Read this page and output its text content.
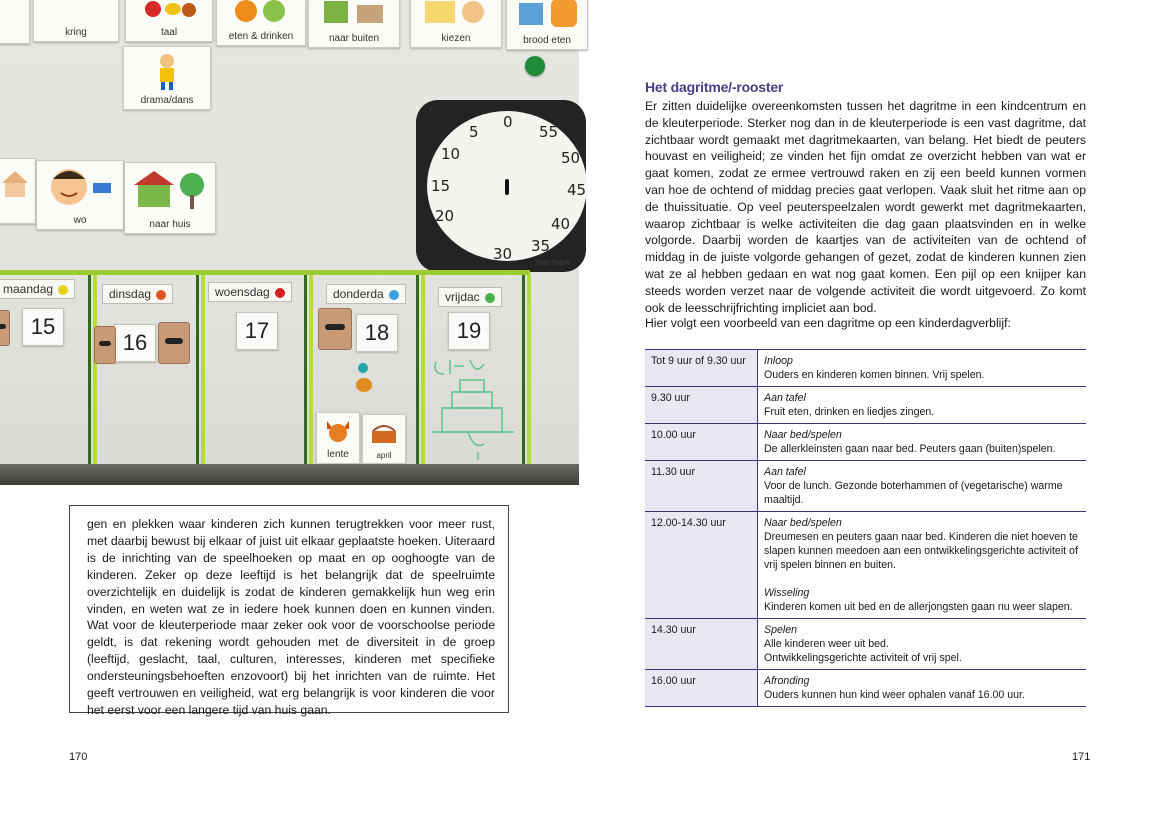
kring	taal	eten & drinken	naar buiten	kiezen	brood eten
drama/dans
wo	naar huis
0
55
50
45
40
35
30
20
15
10
5
TIME TIMER
maandag	dinsdag	woensdag	donderda	vrijdac
15
16	17	18	19
lente	april

gen en plekken waar kinderen zich kunnen terugtrekken voor meer rust, met daarbij bewust bij elkaar of juist uit elkaar geplaatste hoeken. Uiteraard is de inrichting van de speelhoeken op maat en op ooghoogte van de kinderen. Zeker op deze leeftijd is het belangrijk dat de speelruimte overzichtelijk en duidelijk is zodat de kinderen gemakkelijk hun weg erin vinden, en weten wat ze in iedere hoek kunnen doen en kunnen vinden. Wat voor de kleuterperiode maar zeker ook voor de voorschoolse periode geldt, is dat rekening wordt gehouden met de diversiteit in de groep (leeftijd, geslacht, taal, culturen, interesses, kinderen met specifieke ondersteuningsbehoeften enzovoort) bij het inrichten van de ruimte. Het geeft vertrouwen en veiligheid, wat erg belangrijk is voor kinderen die voor het eerst voor een langere tijd van huis gaan.

170
Het dagritme/-rooster

Er zitten duidelijke overeenkomsten tussen het dagritme in een kindcentrum en de kleuterperiode. Sterker nog dan in de kleuterperiode is een vast dagritme, dat zichtbaar wordt gemaakt met dagritmekaarten, van belang. Het biedt de peuters houvast en veiligheid; ze vinden het fijn omdat ze overzicht hebben van wat er gaat komen, zodat ze ermee vertrouwd raken en zij een beeld kunnen vormen van hoe de ochtend of middag precies gaat verlopen. Vaak sluit het ritme aan op de thuissituatie. Op veel peuterspeelzalen wordt gewerkt met dagritmekaarten, waarop zichtbaar is welke activiteiten die dag gaan plaatsvinden en in welke volgorde. Daarbij worden de kaartjes van de activiteiten van de ochtend of middag in de juiste volgorde gehangen of gezet, zodat de kinderen kunnen zien wat ze al hebben gedaan en wat nog gaat komen. Een pijl op een knijper kan steeds worden verzet naar de volgende activiteit die wordt uitgevoerd. Zo komt ook de leesschrijfrichting impliciet aan bod.

Hier volgt een voorbeeld van een dagritme op een kinderdagverblijf:

Tot 9 uur of 9.30 uur	Inloop
Ouders en kinderen komen binnen. Vrij spelen.

9.30 uur	Aan tafel
Fruit eten, drinken en liedjes zingen.

10.00 uur	Naar bed/spelen
De allerkleinsten gaan naar bed. Peuters gaan (buiten)spelen.

11.30 uur	Aan tafel
Voor de lunch. Gezonde boterhammen of (vegetarische) warme maaltijd.

12.00-14.30 uur	Naar bed/spelen
Dreumesen en peuters gaan naar bed. Kinderen die niet hoeven te slapen kunnen meedoen aan een ontwikkelingsgerichte activiteit of vrij spelen binnen en buiten.
Wisseling
Kinderen komen uit bed en de allerjongsten gaan nu weer slapen.

14.30 uur	Spelen
Alle kinderen weer uit bed.
Ontwikkelingsgerichte activiteit of vrij spel.

16.00 uur	Afronding
Ouders kunnen hun kind weer ophalen vanaf 16.00 uur.
171
